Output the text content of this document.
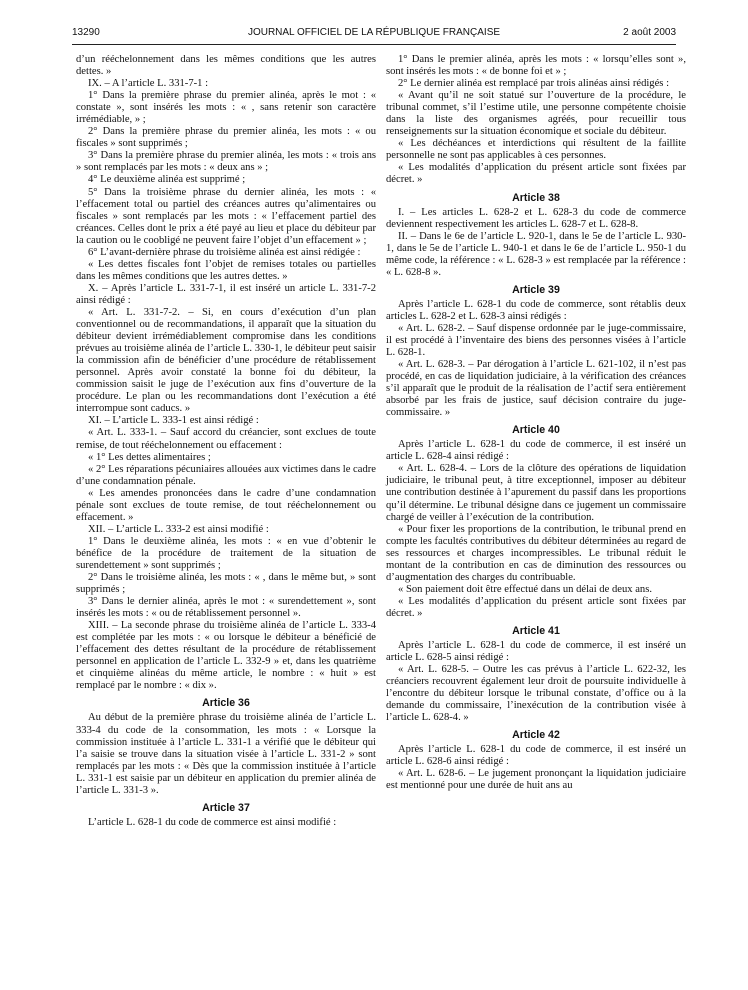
13290	JOURNAL OFFICIEL DE LA RÉPUBLIQUE FRANÇAISE	2 août 2003

d’un rééchelonnement dans les mêmes conditions que les autres dettes. »

IX. – A l’article L. 331-7-1 :

1° Dans la première phrase du premier alinéa, après le mot : « constate », sont insérés les mots : « , sans retenir son caractère irrémédiable, » ;

2° Dans la première phrase du premier alinéa, les mots : « ou fiscales » sont supprimés ;

3° Dans la première phrase du premier alinéa, les mots : « trois ans » sont remplacés par les mots : « deux ans » ;

4° Le deuxième alinéa est supprimé ;

5° Dans la troisième phrase du dernier alinéa, les mots : « l’effacement total ou partiel des créances autres qu’alimentaires ou fiscales » sont remplacés par les mots : « l’effacement partiel des créances. Celles dont le prix a été payé au lieu et place du débiteur par la caution ou le coobligé ne peuvent faire l’objet d’un effacement » ;

6° L’avant-dernière phrase du troisième alinéa est ainsi rédigée :

« Les dettes fiscales font l’objet de remises totales ou partielles dans les mêmes conditions que les autres dettes. »

X. – Après l’article L. 331-7-1, il est inséré un article L. 331-7-2 ainsi rédigé :

« Art. L. 331-7-2. – Si, en cours d’exécution d’un plan conventionnel ou de recommandations, il apparaît que la situation du débiteur devient irrémédiablement compromise dans les conditions prévues au troisième alinéa de l’article L. 330-1, le débiteur peut saisir la commission afin de bénéficier d’une procédure de rétablissement personnel. Après avoir constaté la bonne foi du débiteur, la commission saisit le juge de l’exécution aux fins d’ouverture de la procédure. Le plan ou les recommandations dont l’exécution a été interrompue sont caducs. »

XI. – L’article L. 333-1 est ainsi rédigé :

« Art. L. 333-1. – Sauf accord du créancier, sont exclues de toute remise, de tout rééchelonnement ou effacement :

« 1° Les dettes alimentaires ;

« 2° Les réparations pécuniaires allouées aux victimes dans le cadre d’une condamnation pénale.

« Les amendes prononcées dans le cadre d’une condamnation pénale sont exclues de toute remise, de tout rééchelonnement ou effacement. »

XII. – L’article L. 333-2 est ainsi modifié :

1° Dans le deuxième alinéa, les mots : « en vue d’obtenir le bénéfice de la procédure de traitement de la situation de surendettement » sont supprimés ;

2° Dans le troisième alinéa, les mots : « , dans le même but, » sont supprimés ;

3° Dans le dernier alinéa, après le mot : « surendettement », sont insérés les mots : « ou de rétablissement personnel ».

XIII. – La seconde phrase du troisième alinéa de l’article L. 333-4 est complétée par les mots : « ou lorsque le débiteur a bénéficié de l’effacement des dettes résultant de la procédure de rétablissement personnel en application de l’article L. 332-9 » et, dans les quatrième et cinquième alinéas du même article, le nombre : « huit » est remplacé par le nombre : « dix ».

Article 36

Au début de la première phrase du troisième alinéa de l’article L. 333-4 du code de la consommation, les mots : « Lorsque la commission instituée à l’article L. 331-1 a vérifié que le débiteur qui l’a saisie se trouve dans la situation visée à l’article L. 331-2 » sont remplacés par les mots : « Dès que la commission instituée à l’article L. 331-1 est saisie par un débiteur en application du premier alinéa de l’article L. 331-3 ».

Article 37

L’article L. 628-1 du code de commerce est ainsi modifié :

1° Dans le premier alinéa, après les mots : « lorsqu’elles sont », sont insérés les mots : « de bonne foi et » ;

2° Le dernier alinéa est remplacé par trois alinéas ainsi rédigés :

« Avant qu’il ne soit statué sur l’ouverture de la procédure, le tribunal commet, s’il l’estime utile, une personne compétente choisie dans la liste des organismes agréés, pour recueillir tous renseignements sur la situation économique et sociale du débiteur.

« Les déchéances et interdictions qui résultent de la faillite personnelle ne sont pas applicables à ces personnes.

« Les modalités d’application du présent article sont fixées par décret. »

Article 38

I. – Les articles L. 628-2 et L. 628-3 du code de commerce deviennent respectivement les articles L. 628-7 et L. 628-8.

II. – Dans le 6e de l’article L. 920-1, dans le 5e de l’article L. 930-1, dans le 5e de l’article L. 940-1 et dans le 6e de l’article L. 950-1 du même code, la référence : « L. 628-3 » est remplacée par la référence : « L. 628-8 ».

Article 39

Après l’article L. 628-1 du code de commerce, sont rétablis deux articles L. 628-2 et L. 628-3 ainsi rédigés :

« Art. L. 628-2. – Sauf dispense ordonnée par le juge-commissaire, il est procédé à l’inventaire des biens des personnes visées à l’article L. 628-1.

« Art. L. 628-3. – Par dérogation à l’article L. 621-102, il n’est pas procédé, en cas de liquidation judiciaire, à la vérification des créances s’il apparaît que le produit de la réalisation de l’actif sera entièrement absorbé par les frais de justice, sauf décision contraire du juge-commissaire. »

Article 40

Après l’article L. 628-1 du code de commerce, il est inséré un article L. 628-4 ainsi rédigé :

« Art. L. 628-4. – Lors de la clôture des opérations de liquidation judiciaire, le tribunal peut, à titre exceptionnel, imposer au débiteur une contribution destinée à l’apurement du passif dans les proportions qu’il détermine. Le tribunal désigne dans ce jugement un commissaire chargé de veiller à l’exécution de la contribution.

« Pour fixer les proportions de la contribution, le tribunal prend en compte les facultés contributives du débiteur déterminées au regard de ses ressources et charges incompressibles. Le tribunal réduit le montant de la contribution en cas de diminution des ressources ou d’augmentation des charges du contribuable.

« Son paiement doit être effectué dans un délai de deux ans.

« Les modalités d’application du présent article sont fixées par décret. »

Article 41

Après l’article L. 628-1 du code de commerce, il est inséré un article L. 628-5 ainsi rédigé :

« Art. L. 628-5. – Outre les cas prévus à l’article L. 622-32, les créanciers recouvrent également leur droit de poursuite individuelle à l’encontre du débiteur lorsque le tribunal constate, d’office ou à la demande du commissaire, l’inexécution de la contribution visée à l’article L. 628-4. »

Article 42

Après l’article L. 628-1 du code de commerce, il est inséré un article L. 628-6 ainsi rédigé :

« Art. L. 628-6. – Le jugement prononçant la liquidation judiciaire est mentionné pour une durée de huit ans au
